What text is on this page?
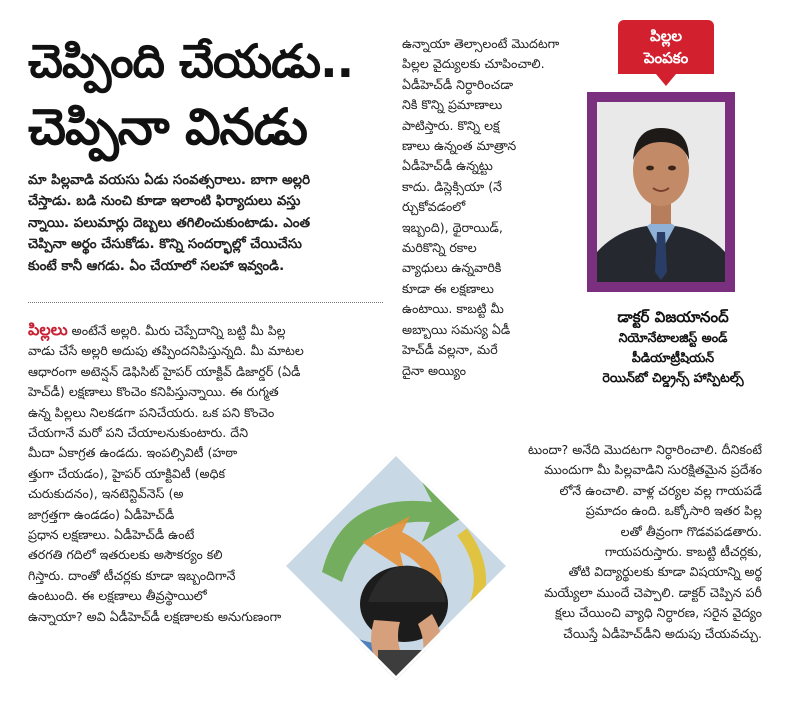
చెప్పింది చేయడు..
చెప్పినా వినడు
మా పిల్లవాడి వయసు ఏడు సంవత్సరాలు. బాగా అల్లరి
చేస్తాడు. బడి నుంచి కూడా ఇలాంటి ఫిర్యాదులు వస్తు
న్నాయి. పలుమార్లు దెబ్బలు తగిలించుకుంటాడు. ఎంత
చెప్పినా అర్థం చేసుకోడు. కొన్ని సందర్భాల్లో చేయిచేసు
కుంటే కానీ ఆగడు. ఏం చేయాలో సలహా ఇవ్వండి.
పిల్లలు అంటేనే అల్లరి. మీరు చెప్పేదాన్ని బట్టి మీ పిల్ల
వాడు చేసే అల్లరి అదుపు తప్పిందనిపిస్తున్నది. మీ మాటల
ఆధారంగా అటెన్షన్ డెఫిసిట్ హైపర్ యాక్టివ్ డిజార్డర్ (ఏడీ
హెచ్‌డీ) లక్షణాలు కొంచెం కనిపిస్తున్నాయి. ఈ రుగ్మత
ఉన్న పిల్లలు నిలకడగా పనిచేయరు. ఒక పని కొంచెం
చేయగానే మరో పని చేయాలనుకుంటారు. దేని
మీదా ఏకాగ్రత ఉండదు. ఇంపల్సివిటీ (హఠా
త్తుగా చేయడం), హైపర్ యాక్టివిటీ (అధిక
చురుకుదనం), ఇనటెన్టివ్‌నెస్ (అ
జాగ్రత్తగా ఉండడం) ఏడీహెచ్‌డీ
ప్రధాన లక్షణాలు. ఏడీహెచ్‌డీ ఉంటే
తరగతి గదిలో ఇతరులకు అసౌకర్యం కలి
గిస్తారు. దాంతో టీచర్లకు కూడా ఇబ్బందిగానే
ఉంటుంది. ఈ లక్షణాలు తీవ్రస్థాయిలో
ఉన్నాయా? అవి ఏడీహెచ్‌డీ లక్షణాలకు అనుగుణంగా
ఉన్నాయా తెల్సాలంటే మొదటగా
పిల్లల వైద్యులకు చూపించాలి.
ఏడీహెచ్‌డీ నిర్ధారించడా
నికి కొన్ని ప్రమాణాలు
పాటిస్తారు. కొన్ని లక్ష
ణాలు ఉన్నంత మాత్రాన
ఏడీహెచ్‌డీ ఉన్నట్టు
కాదు. డిస్లెక్సియా (నే
ర్చుకోవడంలో
ఇబ్బంది), థైరాయిడ్,
మరికొన్ని రకాల
వ్యాధులు ఉన్నవారికి
కూడా ఈ లక్షణాలు
ఉంటాయి. కాబట్టి మీ
అబ్బాయి సమస్య ఏడీ
హెచ్‌డీ వల్లనా, మరే
దైనా అయ్యిం
టుందా? అనేది మొదటగా నిర్ధారించాలి. దీనికంటే
ముందుగా మీ పిల్లవాడిని సురక్షితమైన ప్రదేశం
లోనే ఉంచాలి. వాళ్ల చర్యల వల్ల గాయపడే
ప్రమాదం ఉంది. ఒక్కోసారి ఇతర పిల్ల
లతో తీవ్రంగా గొడవపడతారు.
గాయపరుస్తారు. కాబట్టి టీచర్లకు,
తోటి విద్యార్థులకు కూడా విషయాన్ని అర్థ
మయ్యేలా ముందే చెప్పాలి. డాక్టర్ చెప్పిన పరీ
క్షలు చేయించి వ్యాధి నిర్ధారణ, సరైన వైద్యం
చేయిస్తే ఏడీహెచ్‌డీని అదుపు చేయవచ్చు.
పిల్లల
పెంపకం
డాక్టర్ విజయానంద్
నియోనేటాలజిస్ట్ అండ్
పీడియాట్రీషియన్
రెయిన్‌బో చిల్డ్రన్స్ హాస్పిటల్స్
